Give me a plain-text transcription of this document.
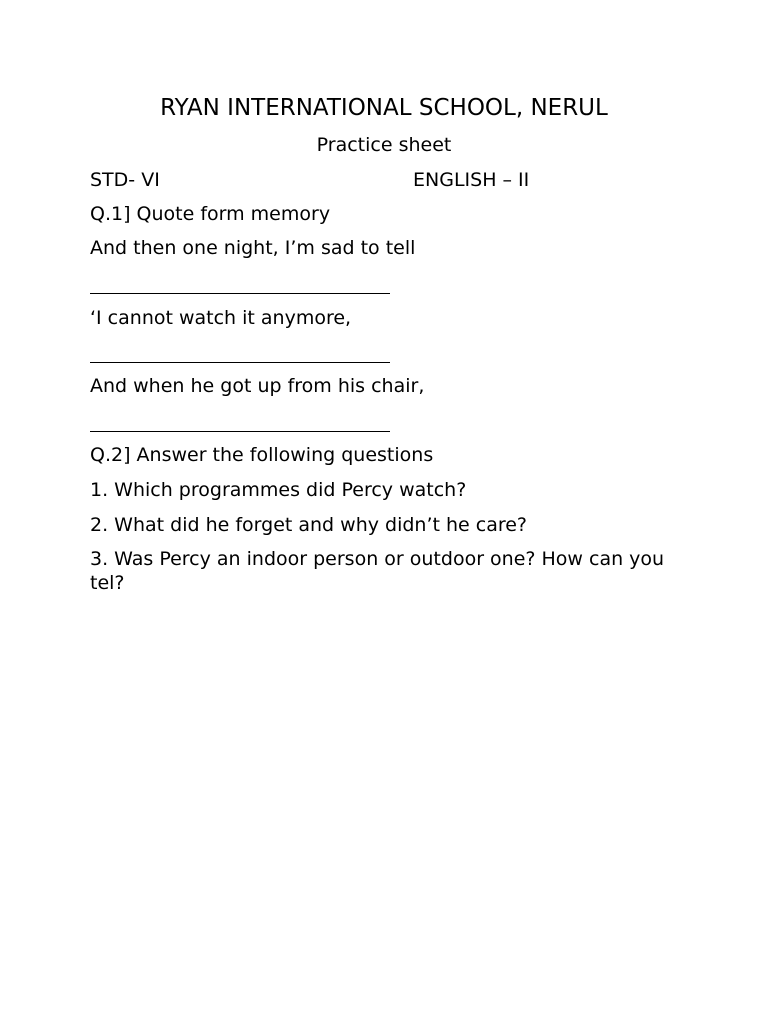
RYAN INTERNATIONAL SCHOOL, NERUL
Practice sheet
STD- VI	ENGLISH – II
Q.1] Quote form memory
And then one night, I’m sad to tell
‘I cannot watch it anymore,
And when he got up from his chair,
Q.2] Answer the following questions
1. Which programmes did Percy watch?
2. What did he forget and why didn’t he care?
3. Was Percy an indoor person or outdoor one? How can you tel?
